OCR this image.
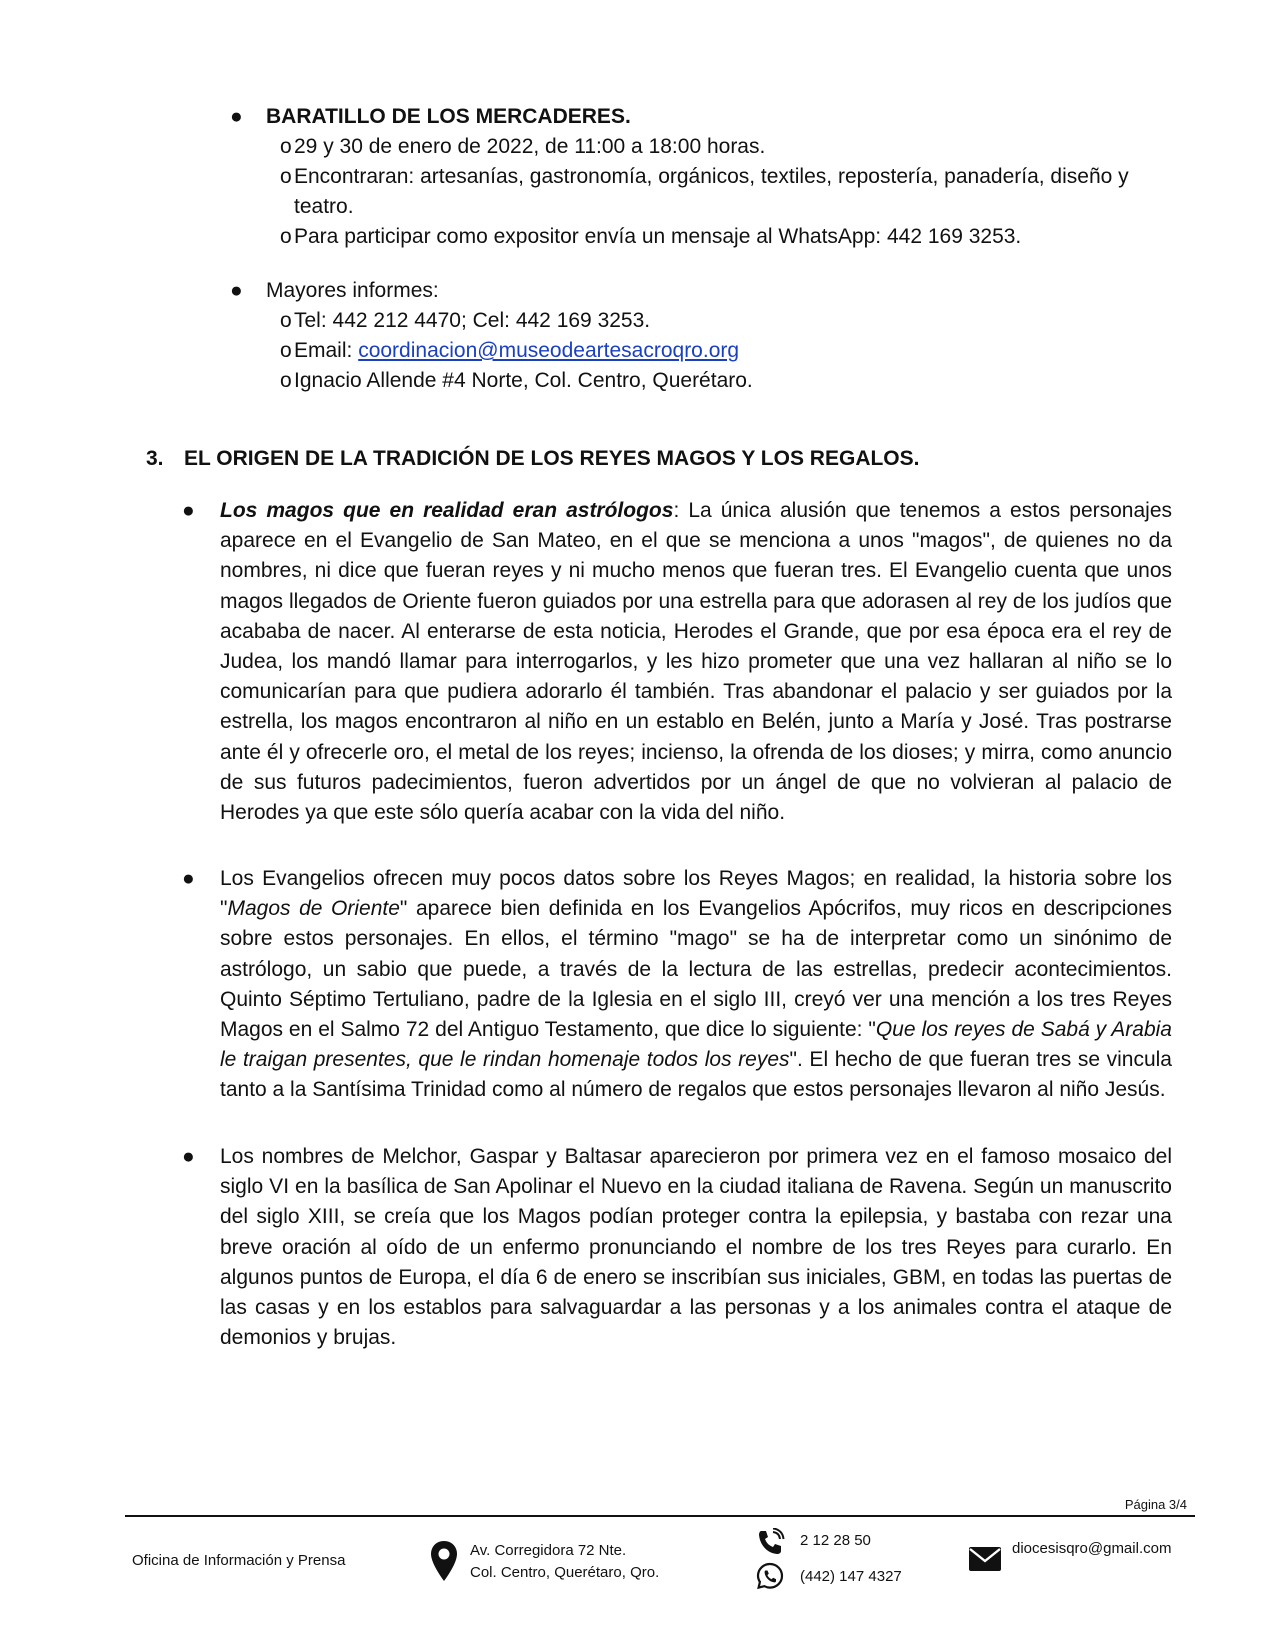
● BARATILLO DE LOS MERCADERES.
o 29 y 30 de enero de 2022, de 11:00 a 18:00 horas.
o Encontraran: artesanías, gastronomía, orgánicos, textiles, repostería, panadería, diseño y teatro.
o Para participar como expositor envía un mensaje al WhatsApp: 442 169 3253.
● Mayores informes:
o Tel: 442 212 4470; Cel: 442 169 3253.
o Email: coordinacion@museodeartesacroqro.org
o Ignacio Allende #4 Norte, Col. Centro, Querétaro.
3. EL ORIGEN DE LA TRADICIÓN DE LOS REYES MAGOS Y LOS REGALOS.
● Los magos que en realidad eran astrólogos: La única alusión que tenemos a estos personajes aparece en el Evangelio de San Mateo, en el que se menciona a unos "magos", de quienes no da nombres, ni dice que fueran reyes y ni mucho menos que fueran tres. El Evangelio cuenta que unos magos llegados de Oriente fueron guiados por una estrella para que adorasen al rey de los judíos que acababa de nacer. Al enterarse de esta noticia, Herodes el Grande, que por esa época era el rey de Judea, los mandó llamar para interrogarlos, y les hizo prometer que una vez hallaran al niño se lo comunicarían para que pudiera adorarlo él también. Tras abandonar el palacio y ser guiados por la estrella, los magos encontraron al niño en un establo en Belén, junto a María y José. Tras postrarse ante él y ofrecerle oro, el metal de los reyes; incienso, la ofrenda de los dioses; y mirra, como anuncio de sus futuros padecimientos, fueron advertidos por un ángel de que no volvieran al palacio de Herodes ya que este sólo quería acabar con la vida del niño.
● Los Evangelios ofrecen muy pocos datos sobre los Reyes Magos; en realidad, la historia sobre los "Magos de Oriente" aparece bien definida en los Evangelios Apócrifos, muy ricos en descripciones sobre estos personajes. En ellos, el término "mago" se ha de interpretar como un sinónimo de astrólogo, un sabio que puede, a través de la lectura de las estrellas, predecir acontecimientos. Quinto Séptimo Tertuliano, padre de la Iglesia en el siglo III, creyó ver una mención a los tres Reyes Magos en el Salmo 72 del Antiguo Testamento, que dice lo siguiente: "Que los reyes de Sabá y Arabia le traigan presentes, que le rindan homenaje todos los reyes". El hecho de que fueran tres se vincula tanto a la Santísima Trinidad como al número de regalos que estos personajes llevaron al niño Jesús.
● Los nombres de Melchor, Gaspar y Baltasar aparecieron por primera vez en el famoso mosaico del siglo VI en la basílica de San Apolinar el Nuevo en la ciudad italiana de Ravena. Según un manuscrito del siglo XIII, se creía que los Magos podían proteger contra la epilepsia, y bastaba con rezar una breve oración al oído de un enfermo pronunciando el nombre de los tres Reyes para curarlo. En algunos puntos de Europa, el día 6 de enero se inscribían sus iniciales, GBM, en todas las puertas de las casas y en los establos para salvaguardar a las personas y a los animales contra el ataque de demonios y brujas.
Página 3/4
Oficina de Información y Prensa
Av. Corregidora 72 Nte.
Col. Centro, Querétaro, Qro.
2 12 28 50
(442) 147 4327
diocesisqro@gmail.com
